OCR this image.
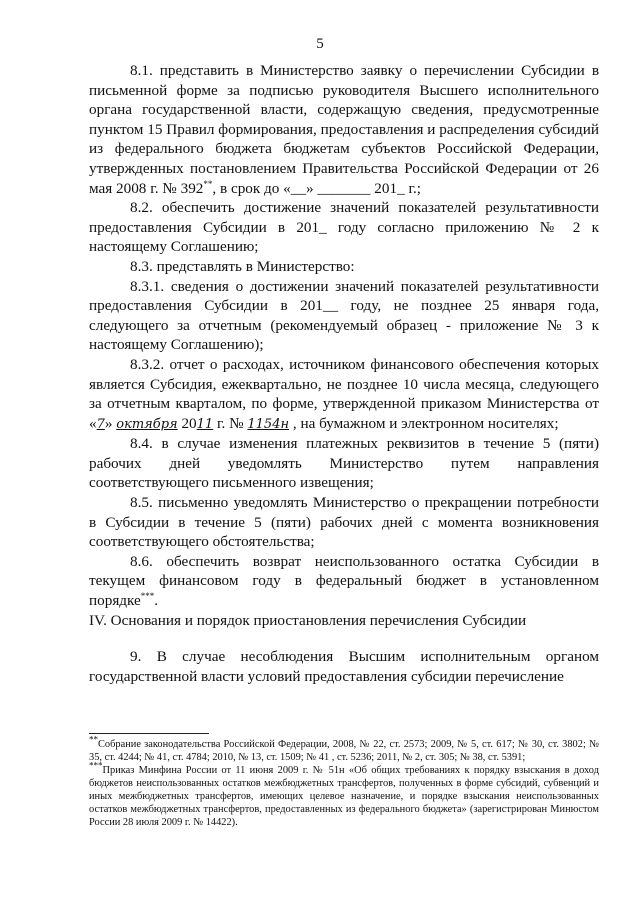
5

8.1. представить в Министерство заявку о перечислении Субсидии в письменной форме за подписью руководителя Высшего исполнительного органа государственной власти, содержащую сведения, предусмотренные пунктом 15 Правил формирования, предоставления и распределения субсидий из федерального бюджета бюджетам субъектов Российской Федерации, утвержденных постановлением Правительства Российской Федерации от 26 мая 2008 г. № 392**, в срок до «__» _______ 201_ г.;

8.2. обеспечить достижение значений показателей результативности предоставления Субсидии в 201_ году согласно приложению № 2 к настоящему Соглашению;

8.3. представлять в Министерство:

8.3.1. сведения о достижении значений показателей результативности предоставления Субсидии в 201__ году, не позднее 25 января года, следующего за отчетным (рекомендуемый образец - приложение № 3 к настоящему Соглашению);

8.3.2. отчет о расходах, источником финансового обеспечения которых является Субсидия, ежеквартально, не позднее 10 числа месяца, следующего за отчетным кварталом, по форме, утвержденной приказом Министерства от «7» октября 2011 г. № 1154н , на бумажном и электронном носителях;

8.4. в случае изменения платежных реквизитов в течение 5 (пяти) рабочих дней уведомлять Министерство путем направления соответствующего письменного извещения;

8.5. письменно уведомлять Министерство о прекращении потребности в Субсидии в течение 5 (пяти) рабочих дней с момента возникновения соответствующего обстоятельства;

8.6. обеспечить возврат неиспользованного остатка Субсидии в текущем финансовом году в федеральный бюджет в установленном порядке***.

IV. Основания и порядок приостановления перечисления Субсидии

9. В случае несоблюдения Высшим исполнительным органом государственной власти условий предоставления субсидии перечисление

**Собрание законодательства Российской Федерации, 2008, № 22, ст. 2573; 2009, № 5, ст. 617; № 30, ст. 3802; № 35, ст. 4244; № 41, ст. 4784; 2010, № 13, ст. 1509; № 41 , ст. 5236; 2011, № 2, ст. 305; № 38, ст. 5391;

***Приказ Минфина России от 11 июня 2009 г. № 51н «Об общих требованиях к порядку взыскания в доход бюджетов неиспользованных остатков межбюджетных трансфертов, полученных в форме субсидий, субвенций и иных межбюджетных трансфертов, имеющих целевое назначение, и порядке взыскания неиспользованных остатков межбюджетных трансфертов, предоставленных из федерального бюджета» (зарегистрирован Минюстом России 28 июля 2009 г. № 14422).
